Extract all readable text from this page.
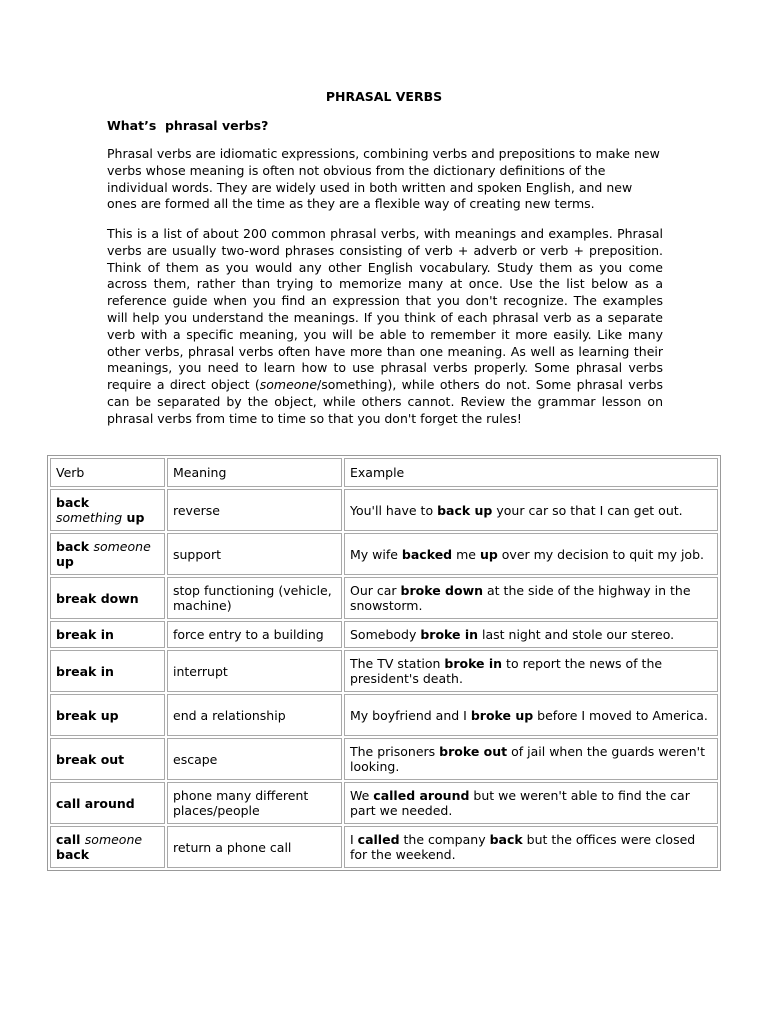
PHRASAL VERBS
What’s  phrasal verbs?

Phrasal verbs are idiomatic expressions, combining verbs and prepositions to make new verbs whose meaning is often not obvious from the dictionary definitions of the individual words. They are widely used in both written and spoken English, and new ones are formed all the time as they are a flexible way of creating new terms.

This is a list of about 200 common phrasal verbs, with meanings and examples. Phrasal verbs are usually two-word phrases consisting of verb + adverb or verb + preposition. Think of them as you would any other English vocabulary. Study them as you come across them, rather than trying to memorize many at once. Use the list below as a reference guide when you find an expression that you don't recognize. The examples will help you understand the meanings. If you think of each phrasal verb as a separate verb with a specific meaning, you will be able to remember it more easily. Like many other verbs, phrasal verbs often have more than one meaning. As well as learning their meanings, you need to learn how to use phrasal verbs properly. Some phrasal verbs require a direct object (someone/something), while others do not. Some phrasal verbs can be separated by the object, while others cannot. Review the grammar lesson on phrasal verbs from time to time so that you don't forget the rules!

Verb	Meaning	Example
back something up	reverse	You'll have to back up your car so that I can get out.
back someone up	support	My wife backed me up over my decision to quit my job.
break down	stop functioning (vehicle, machine)	Our car broke down at the side of the highway in the snowstorm.
break in	force entry to a building	Somebody broke in last night and stole our stereo.
break in	interrupt	The TV station broke in to report the news of the president's death.
break up	end a relationship	My boyfriend and I broke up before I moved to America.
break out	escape	The prisoners broke out of jail when the guards weren't looking.
call around	phone many different places/people	We called around but we weren't able to find the car part we needed.
call someone back	return a phone call	I called the company back but the offices were closed for the weekend.
